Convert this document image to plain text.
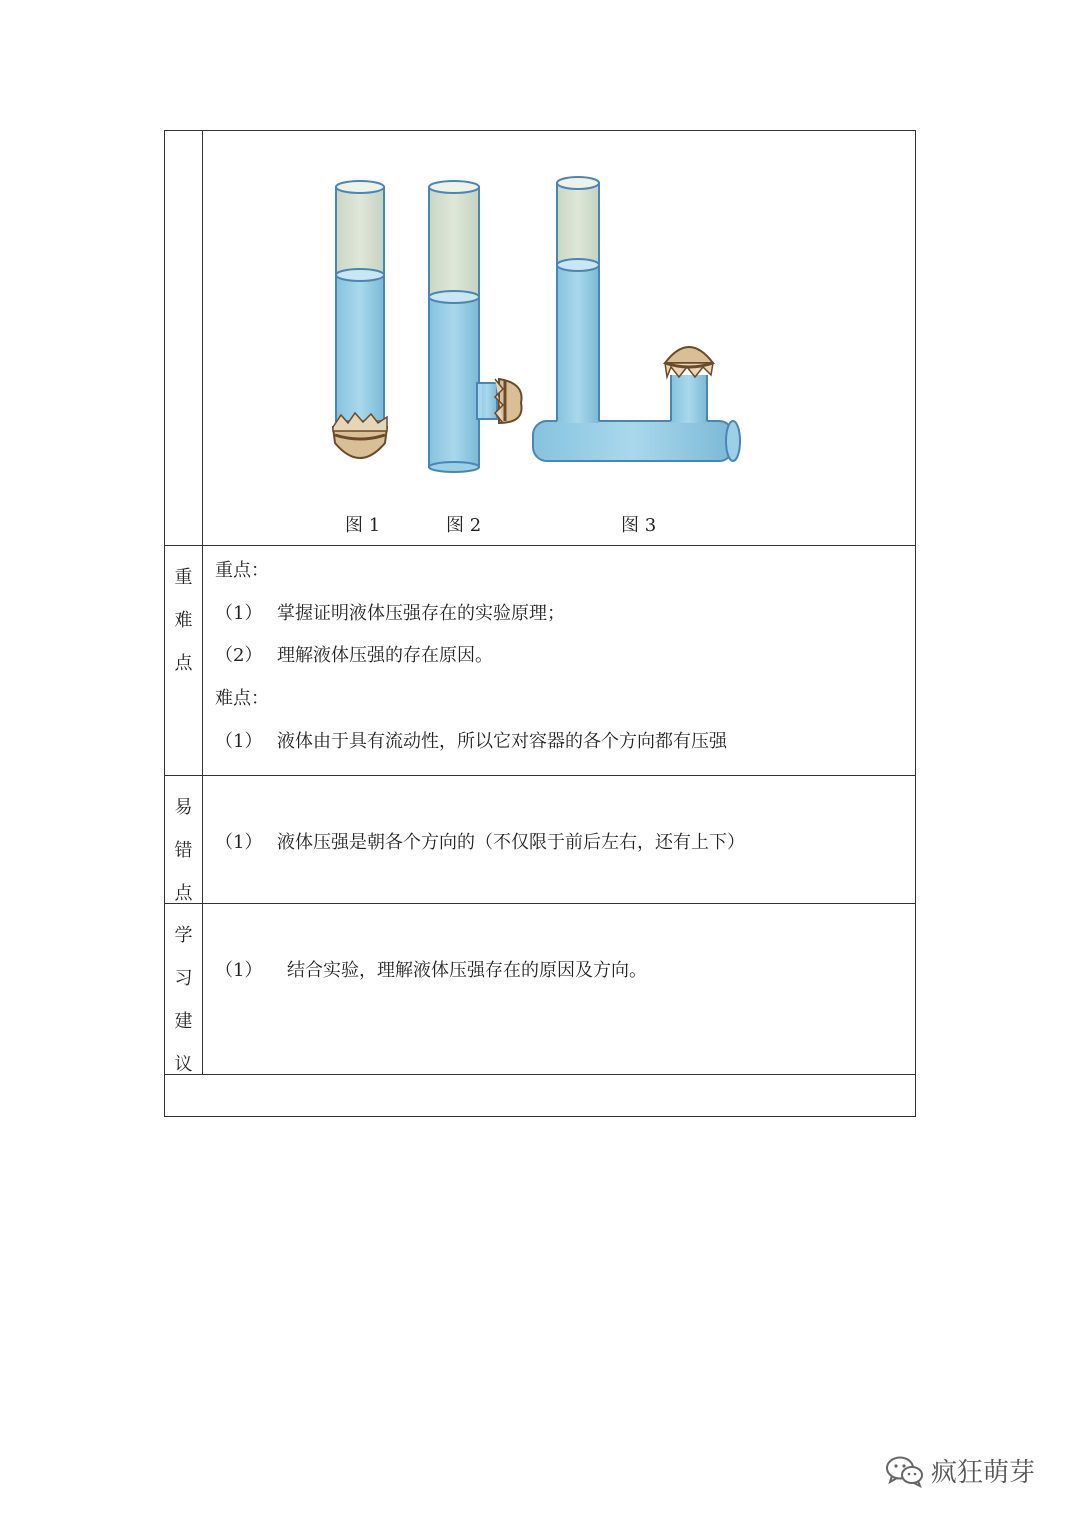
图 1	图 2	图 3
重
难
点
重点：
（1） 掌握证明液体压强存在的实验原理；
（2） 理解液体压强的存在原因。
难点：
（1） 液体由于具有流动性，所以它对容器的各个方向都有压强
易
错
点
（1） 液体压强是朝各个方向的（不仅限于前后左右，还有上下）
学
习
建
议
（1） 结合实验，理解液体压强存在的原因及方向。
疯狂萌芽
